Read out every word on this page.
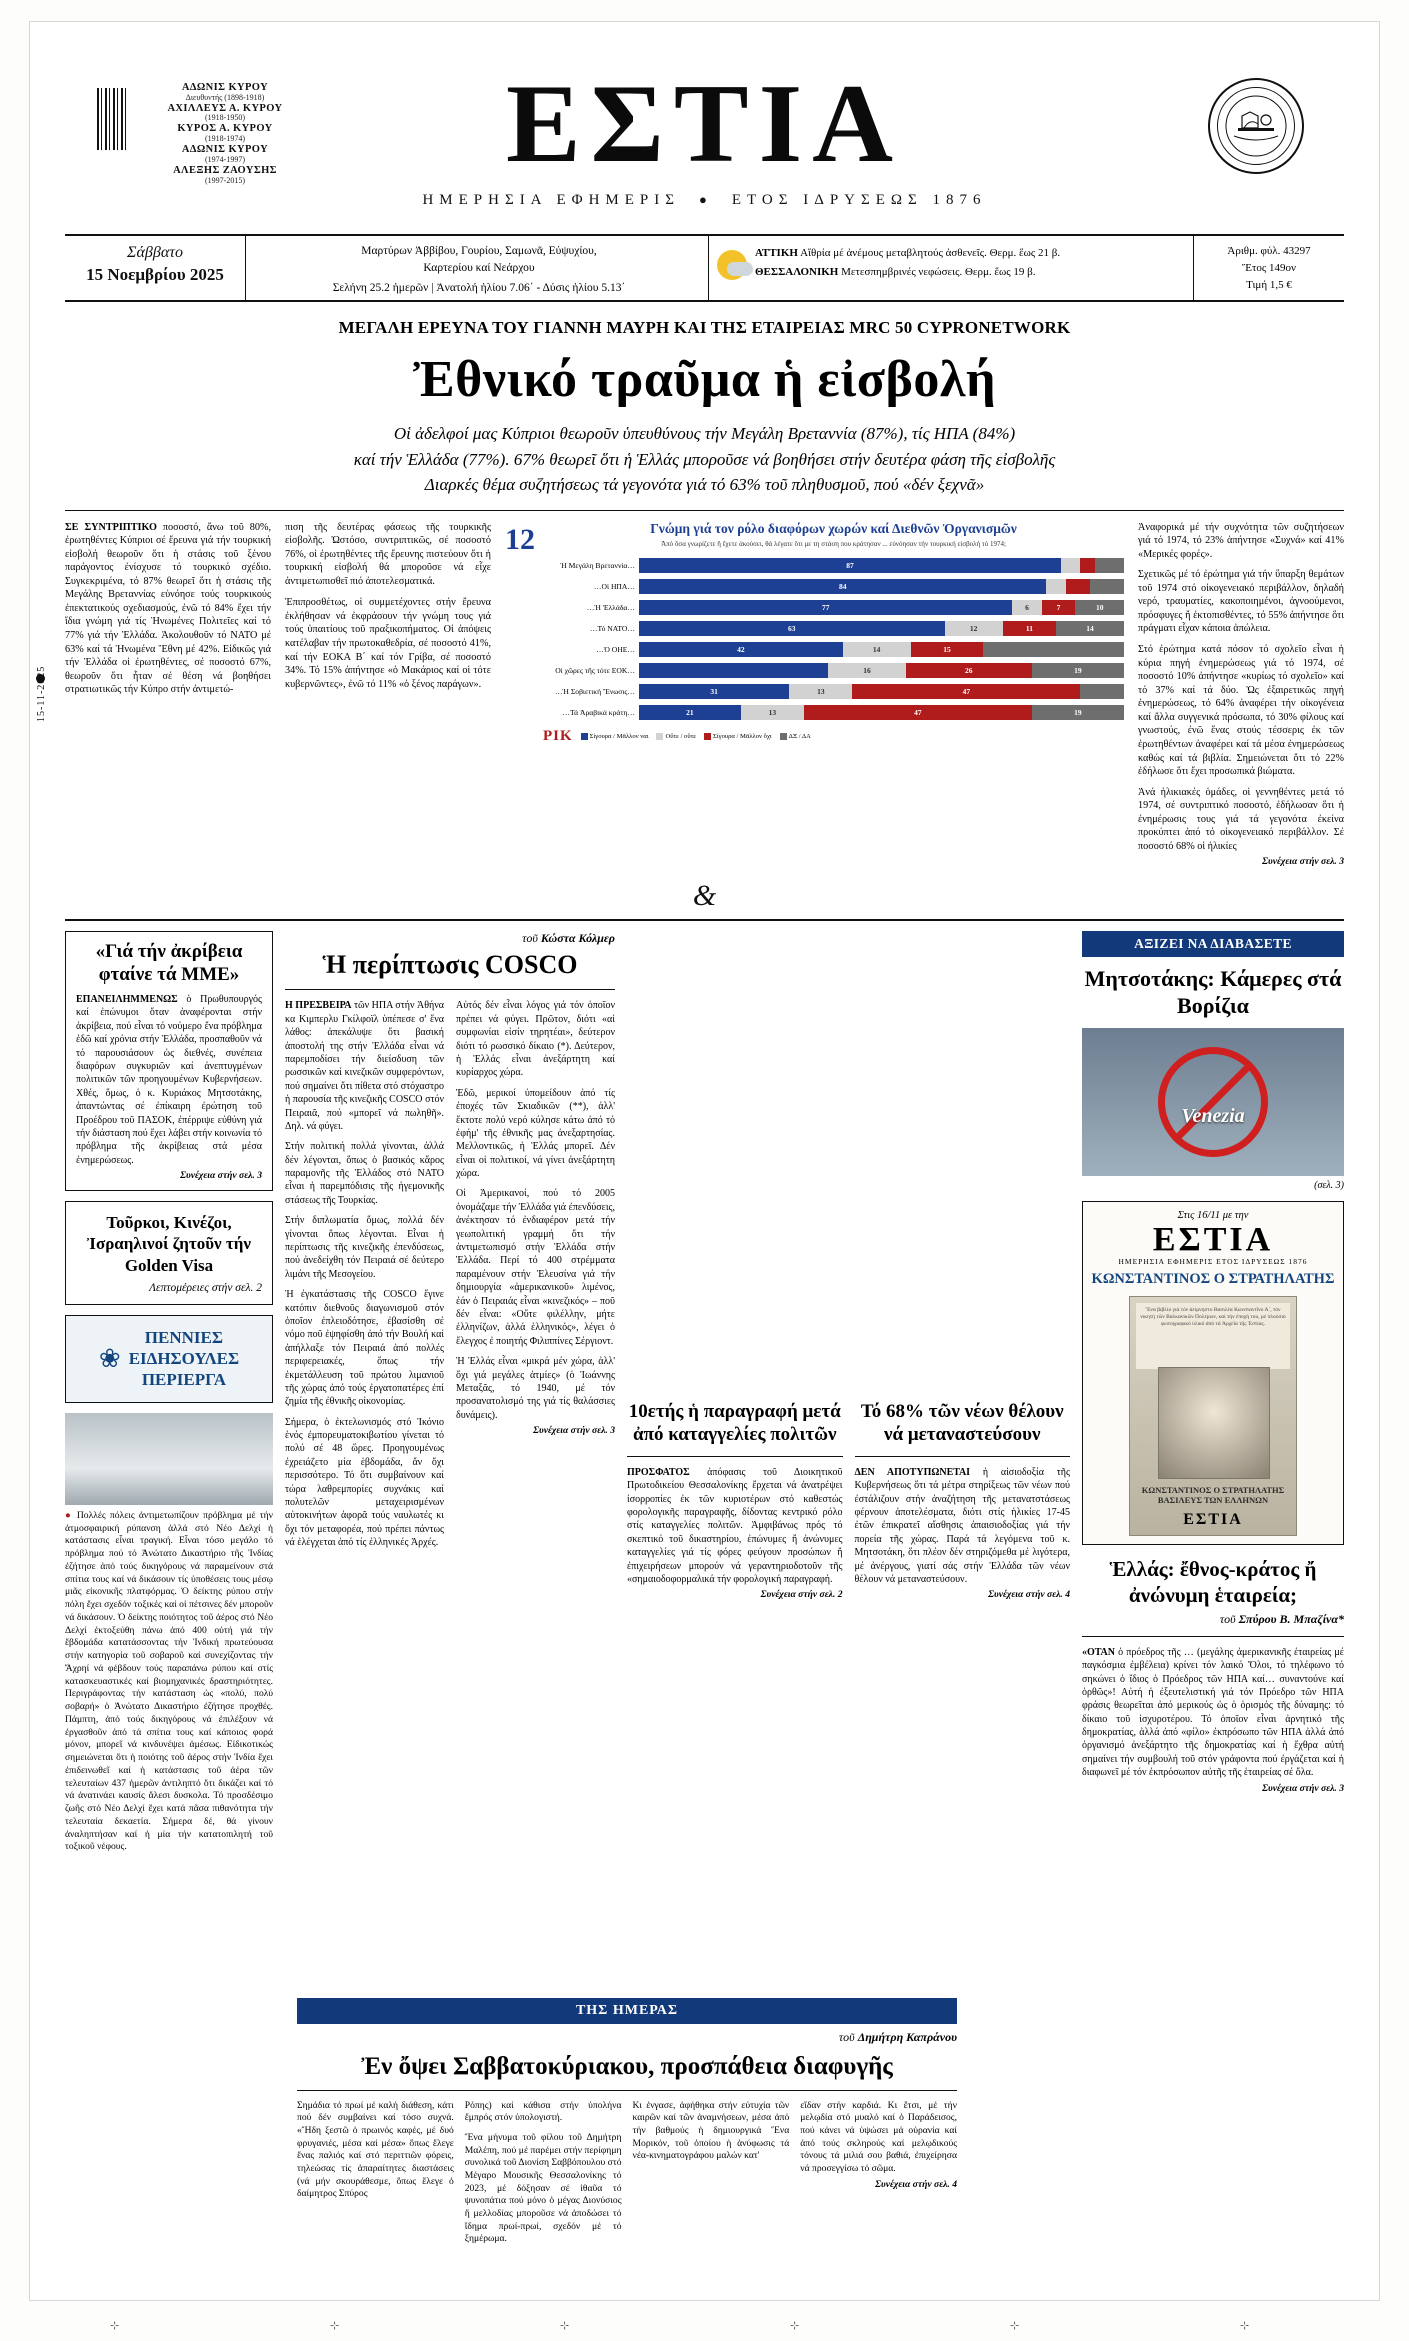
15-11-2025
ΑΔΩΝΙΣ ΚΥΡΟΥ
Διευθυντής (1898-1918)
ΑΧΙΛΛΕΥΣ Α. ΚΥΡΟΥ
(1918-1950)
ΚΥΡΟΣ Α. ΚΥΡΟΥ
(1918-1974)
ΑΔΩΝΙΣ ΚΥΡΟΥ
(1974-1997)
ΑΛΕΞΗΣ ΖΑΟΥΣΗΣ
(1997-2015)	ΕΣΤΙΑ
ΗΜΕΡΗΣΙΑ ΕΦΗΜΕΡΙΣ  ●  ΕΤΟΣ ΙΔΡΥΣΕΩΣ 1876
Σάββατο
15 Νοεμβρίου 2025
Μαρτύρων Ἀββίβου, Γουρίου, Σαμωνᾶ, Εὐψυχίου,
Καρτερίου καί Νεάρχου
Σελήνη 25.2 ἡμερῶν | Ἀνατολή ἡλίου 7.06΄ - Δύσις ἡλίου 5.13΄
ΑΤΤΙΚΗ Αἴθρία μέ ἀνέμους μεταβλητούς ἀσθενεῖς. Θερμ. ἕως 21 β.
ΘΕΣΣΑΛΟΝΙΚΗ Μετεσπημβρινές νεφώσεις. Θερμ. ἕως 19 β.
Ἀριθμ. φύλ. 43297
Ἔτος 149ον
Τιμή 1,5 €
ΜΕΓΑΛΗ ΕΡΕΥΝΑ ΤΟΥ ΓΙΑΝΝΗ ΜΑΥΡΗ ΚΑΙ ΤΗΣ ΕΤΑΙΡΕΙΑΣ MRC 50 CYPRONETWORK
Ἐθνικό τραῦμα ἡ εἰσβολή
Οἱ ἀδελφοί μας Κύπριοι θεωροῦν ὑπευθύνους τήν Μεγάλη Βρεταννία (87%), τίς ΗΠΑ (84%)
καί τήν Ἑλλάδα (77%). 67% θεωρεῖ ὅτι ἡ Ἑλλάς μποροῦσε νά βοηθήσει στήν δευτέρα φάση τῆς εἰσβολῆς
Διαρκές θέμα συζητήσεως τά γεγονότα γιά τό 63% τοῦ πληθυσμοῦ, πού «δέν ξεχνᾶ»
ΣΕ ΣΥΝΤΡΙΠΤΙΚΟ ποσοστό, ἄνω τοῦ 80%, ἐρωτηθέντες Κύπριοι σέ ἔρευνα γιά τήν τουρκική εἰσβολή θεωροῦν ὅτι ἡ στάσις τοῦ ξένου παράγοντος ἐνίσχυσε τό τουρκικό σχέδιο. Συγκεκριμένα, τό 87% θεωρεῖ ὅτι ἡ στάσις τῆς Μεγάλης Βρεταννίας εὐνόησε τούς τουρκικούς ἐπεκτατικούς σχεδιασμούς, ἐνῶ τό 84% ἔχει τήν ἴδια γνώμη γιά τίς Ἡνωμένες Πολιτεῖες καί τό 77% γιά τήν Ἑλλάδα. Ἀκολουθοῦν τό ΝΑΤΟ μέ 63% καί τά Ἡνωμένα Ἔθνη μέ 42%. Εἰδικῶς γιά τήν Ἑλλάδα οἱ ἐρωτηθέντες, σέ ποσοστό 67%, θεωροῦν ὅτι ἦταν σέ θέση νά βοηθήσει στρατιωτικῶς τήν Κύπρο στήν ἀντιμετώ-
πιση τῆς δευτέρας φάσεως τῆς τουρκικῆς εἰσβολῆς. Ὡστόσο, συντριπτικῶς, σέ ποσοστό 76%, οἱ ἐρωτηθέντες τῆς ἔρευνης πιστεύουν ὅτι ἡ τουρκική εἰσβολή θά μποροῦσε νά εἶχε ἀντιμετωπισθεῖ πιό ἀποτελεσματικά.
Ἐπιπροσθέτως, οἱ συμμετέχοντες στήν ἔρευνα ἐκλήθησαν νά ἐκφράσουν τήν γνώμη τους γιά τούς ὑπαιτίους τοῦ πραξικοπήματος. Οἱ ἀπόψεις κατέλαβαν τήν πρωτοκαθεδρία, σέ ποσοστό 41%, καί τήν ΕΟΚΑ Β΄ καί τόν Γρίβα, σέ ποσοστό 34%. Τό 15% ἀπήντησε «ὁ Μακάριος καί οἱ τότε κυβερνῶντες», ἐνῶ τό 11% «ὁ ξένος παράγων».
12	Γνώμη γιά τον ρόλο διαφόρων χωρών καί Διεθνῶν Ὀργανισμῶν
Ἀπό ὅσα γνωρίζετε ἤ ἔχετε ἀκούσει, θά λέγατε ὅτι με τη στάση που κράτησαν ... εὐνόησαν τήν τουρκική εἰσβολή τό 1974;
Ἡ Μεγάλη Βρεταννία…	87
…Οἱ ΗΠΑ…	84
…Ἡ Ἑλλάδα…	77	6	7	10
…Τό ΝΑΤΟ…	63	12	11	14
…Ὁ ΟΗΕ…	42	14	15
Οἱ χῶρες τῆς τότε ΕΟΚ…	16	26	19
…Ἡ Σοβιετική Ἕνωσις…	31	13	47
…Τά Ἀραβικά κράτη…	21	13	47	19
ΡΙΚ	Σίγουρα / Μᾶλλον ναι	Οὔτε / οὔτε	Σίγουρα / Μᾶλλον ὄχι	ΔΞ / ΔΑ
Ἀναφορικά μέ τήν συχνότητα τῶν συζητήσεων γιά τό 1974, τό 23% ἀπήντησε «Συχνά» καί 41% «Μερικές φορές».
Σχετικῶς μέ τό ἐρώτημα γιά τήν ὕπαρξη θεμάτων τοῦ 1974 στό οἰκογενειακό περιβάλλον, δηλαδή νερό, τραυματίες, κακοποιημένοι, ἀγνοούμενοι, πρόσφυγες ἤ ἐκτοπισθέντες, τό 55% ἀπήντησε ὅτι πράγματι εἶχαν κάποια ἀπώλεια.
Στό ἐρώτημα κατά πόσον τό σχολεῖο εἶναι ἡ κύρια πηγή ἐνημερώσεως γιά τό 1974, σέ ποσοστό 10% ἀπήντησε «κυρίως τό σχολεῖο» καί τό 37% καί τά δύο. Ὡς ἐξαιρετικῶς πηγή ἐνημερώσεως, τό 64% ἀναφέρει τήν οἰκογένεια καί ἄλλα συγγενικά πρόσωπα, τό 30% φίλους καί γνωστούς, ἐνῶ ἕνας στούς τέσσερις ἐκ τῶν ἐρωτηθέντων ἀναφέρει καί τά μέσα ἐνημερώσεως καθώς καί τά βιβλία. Σημειώνεται ὅτι τό 22% ἐδήλωσε ὅτι ἔχει προσωπικά βιώματα.
Ἀνά ἡλικιακές ὁμάδες, οἱ γεννηθέντες μετά τό 1974, σέ συντριπτικό ποσοστό, ἐδήλωσαν ὅτι ἡ ἐνημέρωσις τους γιά τά γεγονότα ἐκείνα προκύπτει ἀπό τό οἰκογενειακό περιβάλλον. Σέ ποσοστό 68% οἱ ἡλικίες
Συνέχεια στήν σελ. 3
&
«Γιά τήν ἀκρίβεια φταίνε τά ΜΜΕ»
ΕΠΑΝΕΙΛΗΜΜΕΝΩΣ ὁ Πρωθυπουργός καί ἐπώνυμοι ὅταν ἀναφέρονται στήν ἀκρίβεια, πού εἶναι τό νούμερο ἕνα πρόβλημα ἐδῶ καί χρόνια στήν Ἑλλάδα, προσπαθοῦν νά τό παρουσιάσουν ὡς διεθνές, συνέπεια διαφόρων συγκυριῶν καί ἀνεπτυγμένων πολιτικῶν τῶν προηγουμένων Κυβερνήσεων. Χθές, ὅμως, ὁ κ. Κυριάκος Μητσοτάκης, ἀπαντώντας σέ ἐπίκαιρη ἐρώτηση τοῦ Προέδρου τοῦ ΠΑΣΟΚ, ἐπέρριψε εὐθύνη γιά τήν διάσταση πού ἔχει λάβει στήν κοινωνία τό πρόβλημα τῆς ἀκρίβειας στά μέσα ἐνημερώσεως.
Συνέχεια στήν σελ. 3
Τοῦρκοι, Κινέζοι, Ἰσραηλινοί ζητοῦν τήν Golden Visa
Λεπτομέρειες στήν σελ. 2
❀
ΠΕΝΝΙΕΣ
ΕΙΔΗΣΟΥΛΕΣ
ΠΕΡΙΕΡΓΑ
● Πολλές πόλεις ἀντιμετωπίζουν πρόβλημα μέ τήν ἀτμοσφαιρική ρύπανση ἀλλά στό Νέο Δελχί ἡ κατάστασις εἶναι τραγική. Εἶναι τόσο μεγάλο τό πρόβλημα πού τό Ἀνώτατο Δικαστήριο τῆς Ἰνδίας ἐζήτησε ἀπό τούς δικηγόρους νά παραμείνουν στά σπίτια τους καί νά δικάσουν τίς ὑποθέσεις τους μέσῳ μιᾶς εἰκονικῆς πλατφόρμας. Ὁ δείκτης ρύπου στήν πόλη ἔχει σχεδόν τοξικές καί οἱ πέτσινες δέν μποροῦν νά δικάσουν. Ὁ δείκτης ποιότητος τοῦ ἀέρος στό Νέο Δελχί ἐκτοξεύθη πάνω ἀπό 400 οὐτή γιά τήν ἔβδομάδα κατατάσσοντας τήν Ἰνδική πρωτεύουσα στήν κατηγορία τοῦ σοβαροῦ καί συνεχίζοντας τήν Ἄχρηί νά φέβδουν τούς παραπάνω ρύπου καί στίς κατασκευαστικές καί βιομηχανικές δραστηριότητες. Περιγράφοντας τήν κατάσταση ὡς «πολύ, πολύ σοβαρή» ὁ Ἀνώτατο Δικαστήριο ἐζήτησε προχθές. Πάμπτη, ἀπό τούς δικηγόρους νά ἐπιλέξουν νά ἐργασθοῦν ἀπό τά σπίτια τους καί κάποιος φορά μόνον, μπορεῖ νά κινδυνέψει ἀμέσως. Εἰδικοτικώς σημειώνεται ὅτι ἡ ποιότης τοῦ ἀέρος στήν Ἰνδία ἔχει ἐπιδεινωθεῖ καί ἡ κατάστασις τοῦ ἀέρα τῶν τελευταίων 437 ἡμερῶν ἀντιληπτό ὅτι δικάζει καί τό νά ἀνατινάει καυσίς ἄλεσι δυσκολα. Τό προσδέσιμο ζωῆς στό Νέο Δελχί ἔχει κατά πᾶσα πιθανότητα τήν τελευταία δεκαετία. Σήμερα δέ, θά γίνουν ἀναληπτήσαν καί ἡ μία τήν κατατοπιλητή τοῦ τοξικοῦ νέφους.
τοῦ Κώστα Κόλμερ
Ἡ περίπτωσις COSCO
Η ΠΡΕΣΒΕΙΡΑ τῶν ΗΠΑ στήν Ἀθήνα κα Κιμπερλυ Γκίλφοϊλ ὑπέπεσε σ' ἕνα λάθος: ἀπεκάλυψε ὅτι βασική ἀποστολή της στήν Ἑλλάδα εἶναι νά παρεμποδίσει τήν διείσδυση τῶν ρωσσικῶν καί κινεζικῶν συμφερόντων, πού σημαίνει ὅτι πίθετα στό στόχαστρο ἡ παρουσία τῆς κινεζικῆς COSCO στόν Πειραιᾶ, πού «μπορεῖ νά πωληθῆ». Δηλ. νά φύγει.

Στήν πολιτική πολλά γίνονται, ἀλλά δέν λέγονται, ὅπως ὁ βασικός κἄρος παραμονῆς τῆς Ἑλλάδος στό ΝΑΤΟ εἶναι ἡ παρεμπόδισις τῆς ἡγεμονικῆς στάσεως τῆς Τουρκίας.

Στήν διπλωματία ὅμως, πολλά δέν γίνονται ὅπως λέγονται. Εἶναι ἡ περίπτωσις τῆς κινεζικῆς ἐπενδύσεως, πού ἀνεδείχθη τόν Πειραιά σέ δεύτερο λιμάνι τῆς Μεσογείου.

Ἡ ἐγκατάστασις τῆς COSCO ἔγινε κατόπιν διεθνοῦς διαγωνισμοῦ στόν ὁποῖον ἐπλειοδότησε, ἐβασίσθη σέ νόμο ποῦ ἐψηφίσθη ἀπό τήν Βουλή καί ἀπήλλαξε τόν Πειραιά ἀπό πολλές περιφερειακές, ὅπως τήν ἐκμετάλλευση τοῦ πρώτου λιμανιοῦ τῆς χώρας ἀπό τούς ἐργατοπατέρες ἐπί ζημία τῆς ἐθνικῆς οἰκονομίας.

Σήμερα, ὁ ἐκτελωνισμός στό Ἰκόνιο ἑνός ἐμπορευματοκιβωτίου γίνεται τό πολύ σέ 48 ὥρες. Προηγουμένως ἐχρειάζετο μία ἑβδομάδα, ἄν ὄχι περισσότερο. Τό ὅτι συμβαίνουν καί τώρα λαθρεμπορίες συχνάκις καί πολυτελῶν μεταχειρισμένων αὐτοκινήτων ἀφορᾶ τούς ναυλωτές κι ὄχι τόν μεταφορέα, πού πρέπει πάντως νά ἐλέγχεται ἀπό τίς ἑλληνικές Ἀρχές.

Αὐτός δέν εἶναι λόγος γιά τόν ὁποῖον πρέπει νά φύγει. Πρῶτον, διότι «αἱ συμφωνίαι εἰσίν τηρητέαι», δεύτερον διότι τό ρωσσικό δίκαιο (*). Δεύτερον, ἡ Ἑλλάς εἶναι ἀνεξάρτητη καί κυρίαρχος χώρα.

Ἐδῶ, μερικοί ὑπομείδουν ἀπό τίς ἐποχές τῶν Σκιαδικῶν (**), ἀλλ' ἔκτοτε πολύ νερό κύλησε κάτω ἀπό τό ἐφήμ' τῆς ἐθνικῆς μας ἀνεξαρτησίας. Μελλοντικῶς, ἡ Ἑλλάς μπορεῖ. Δέν εἶναι οἱ πολιτικοί, νά γίνει ἀνεξάρτητη χώρα.

Οἱ Ἀμερικανοί, πού τό 2005 ὀνομάζαμε τήν Ἑλλάδα γιά ἐπενδύσεις, ἀνέκτησαν τό ἐνδιαφέρον μετά τήν γεωπολιτική γραμμή ὅτι τήν ἀντιμετωπισμό στήν Ἑλλάδα στήν Ἑλλάδα. Περί τό 400 στρέμματα παραμένουν στήν Ἐλευσίνα γιά τήν δημιουργία «ἀμερικανικοῦ» λιμένος, ἐάν ὁ Πειραιάς εἶναι «κινεζικός» – ποῦ δέν εἶναι: «Οὔτε φιλέλλην, μήτε ἑλληνίζων, ἀλλά ἑλληνικός», λέγει ὁ ἔλεγχος ἐ ποιητής Φιλιππίνες Σέργιοντ.

Ἡ Ἑλλάς εἶναι «μικρά μέν χώρα, ἀλλ' ὄχι γιά μεγάλες ἀτμίες» (ὁ Ἰωάννης Μεταξᾶς, τό 1940, μέ τόν προσανατολισμό της γιά τίς θαλάσσιες δυνάμεις).

Συνέχεια στήν σελ. 3
10ετής ἡ παραγραφή μετά ἀπό καταγγελίες πολιτῶν
ΠΡΟΣΦΑΤΟΣ ἀπόφασις τοῦ Διοικητικοῦ Πρωτοδικείου Θεσσαλονίκης ἔρχεται νά ἀνατρέψει ἰσορροπίες ἐκ τῶν κυριοτέρων στό καθεστώς φορολογικῆς παραγραφῆς, δίδοντας κεντρικό ρόλο στίς καταγγελίες πολιτῶν. Ἀμφιβάνως πρός τό σκεπτικό τοῦ δικαστηρίου, ἐπώνυμες ἤ ἀνώνυμες καταγγελίες γιά τίς φόρες φεύγουν προσώπων ἤ ἐπιχειρήσεων μπορούν νά γεραντηριοδοτοῦν τῆς «σημαιοδοφορμαλικά τήν φορολογική παραγραφή.
Συνέχεια στήν σελ. 2
Τό 68% τῶν νέων θέλουν νά μεταναστεύσουν
ΔΕΝ ΑΠΟΤΥΠΩΝΕΤΑΙ ἡ αἰσιοδοξία τῆς Κυβερνήσεως ὅτι τά μέτρα στηρίξεως τῶν νέων πού ἐστάλιζουν στήν ἀναζήτηση τῆς μετανατστάσεως φέρνουν ἀποτελέσματα, διότι στίς ἡλικίες 17-45 ἐτῶν ἐπικρατεῖ αἴσθησις ἀπαισιοδοξίας γιά τήν πορεία τῆς χώρας. Παρά τά λεγόμενα τοῦ κ. Μητσοτάκη, ὅτι πλέον δέν στηριζόμεθα μέ λιγότερα, μέ ἀνέργους, γιατί σάς στήν Ἑλλάδα τῶν νέων θέλουν νά μεταναστεύσουν.
Συνέχεια στήν σελ. 4
ΑΞΙΖΕΙ ΝΑ ΔΙΑΒΑΣΕΤΕ
Μητσοτάκης: Κάμερες στά Βορίζια
Venezia
(σελ. 3)
Στις 16/11 με την
ΕΣΤΙΑ
ΗΜΕΡΗΣΙΑ ΕΦΗΜΕΡΙΣ ΕΤΟΣ ΙΔΡΥΣΕΩΣ 1876
ΚΩΝΣΤΑΝΤΙΝΟΣ Ο ΣΤΡΑΤΗΛΑΤΗΣ
Ἕνα βιβλίο γιά τόν ἀείμνηστο Βασιλέα Κωνσταντῖνο Α΄, τόν νικητή τῶν Βαλκανικῶν Πολέμων, καί τήν ἐποχή του, μέ πλούσιο φωτογραφικό ὑλικό ἀπό τά Ἀρχεῖα τῆς Ἑστίας.
ΚΩΝΣΤΑΝΤΙΝΟΣ Ο ΣΤΡΑΤΗΛΑΤΗΣ ΒΑΣΙΛΕΥΣ ΤΩΝ ΕΛΛΗΝΩΝ
ΕΣΤΙΑ
Ἑλλάς: ἔθνος-κράτος ἤ ἀνώνυμη ἑταιρεία;
τοῦ Σπύρου Β. Μπαζίνα*
«ΟΤΑΝ ὁ πρόεδρος τῆς … (μεγάλης ἀμερικανικῆς ἑταιρείας μέ παγκόσμια ἐμβέλεια) κρίνει τόν λαικό Ὅλοι, τό τηλέφωνο τό σηκώνει ὁ ἴδιος ὁ Πρόεδρος τῶν ΗΠΑ καί… συναντούνε καί ὀρθῶς»! Αὐτή ἡ ἐξευτελιστική γιά τόν Πρόεδρο τῶν ΗΠΑ φράσις θεωρεῖται ἀπό μερικούς ὡς ὁ ὁρισμός τῆς δύναμης: τό δίκαιο τοῦ ἰσχυροτέρου. Τό ὁποῖον εἶναι ἀρνητικό τῆς δημοκρατίας, ἀλλά ἀπό «φίλο» ἐκπρόσωπο τῶν ΗΠΑ ἀλλά ἀπό ὀργανισμό ἀνεξάρτητο τῆς δημοκρατίας καί ἡ ἔχθρα αὐτή σημαίνει τήν συμβουλή τοῦ στόν γράφοντα πού ἐργάζεται καί ἡ διαφωνεῖ μέ τόν ἐκπρόσωπον αὐτῆς τῆς ἑταιρείας σέ ὅλα.
Συνέχεια στήν σελ. 3
ΤΗΣ ΗΜΕΡΑΣ
τοῦ Δημήτρη Καπράνου
Ἐν ὄψει Σαββατοκύριακου, προσπάθεια διαφυγῆς
Σημάδια τό πρωί μέ καλή διάθεση, κάτι πού δέν συμβαίνει καί τόσο συχνά. «Ἤδη ξεστῶ ὁ πρωινός καφές, μέ δυό φρυγανιές, μέσα καί μέσα» ὅπως ἔλεγε ἕνας παλιός καί στό περιττιῶν φόρεις, τηλεώσας τίς ἀπαραίτητες διαστάσεις (νά μήν σκουράθεσμε, ὅπως ἔλεγε ὁ δαίμητρος Σπύρος
Ρόπης) καί κάθισα στήν ὑπολήνα ἔμπρός στόν ὑπολογιστή.
Ἕνα μήνυμα τοῦ φίλου τοῦ Δημήτρη Μαλέπη, πού μέ παρέμει στήν περίφημη συνολικά τοῦ Διονίση Σαββόπουλου στό Μέγαρο Μουσικῆς Θεσσαλονίκης τό 2023, μέ δόξησαν σέ ἰθαῦα τό ψυνοπάτια πού μόνο ὁ μέγας Διονύσιος ἤ μελλοδίας μποροῦσε νά ἀποδώσει τό ἴδημα πρωί-πρωί, σχεδόν μέ τό ξημέρωμα.
Κι ἐνγασε, ἀφήθηκα στήν εὐτυχία τῶν καιρῶν καί τῶν ἀναμνήσεων, μέσα ἀπό τήν βαθμούς ἡ δημιουργικά Ἕνα Μορικόν, τοῦ ὁποίου ἡ ἀνύφωσις τά νέα-κινηματογράφου μαλών κατ'
εἴδαν στήν καρδιά. Κι ἔτσι, μέ τήν μελῳδία στό μυαλό καί ὁ Παράδεισος, πού κάνει νά ὑψώσει μά οὐρανία καί ἀπό τούς σκληρούς καί μελῳδικούς τόνους τά μιλιά σου βαθιά, ἐπιχείρησα νά προσεγγίσω τό σῶμα.
Συνέχεια στήν σελ. 4
⊹	⊹	⊹	⊹	⊹	⊹
